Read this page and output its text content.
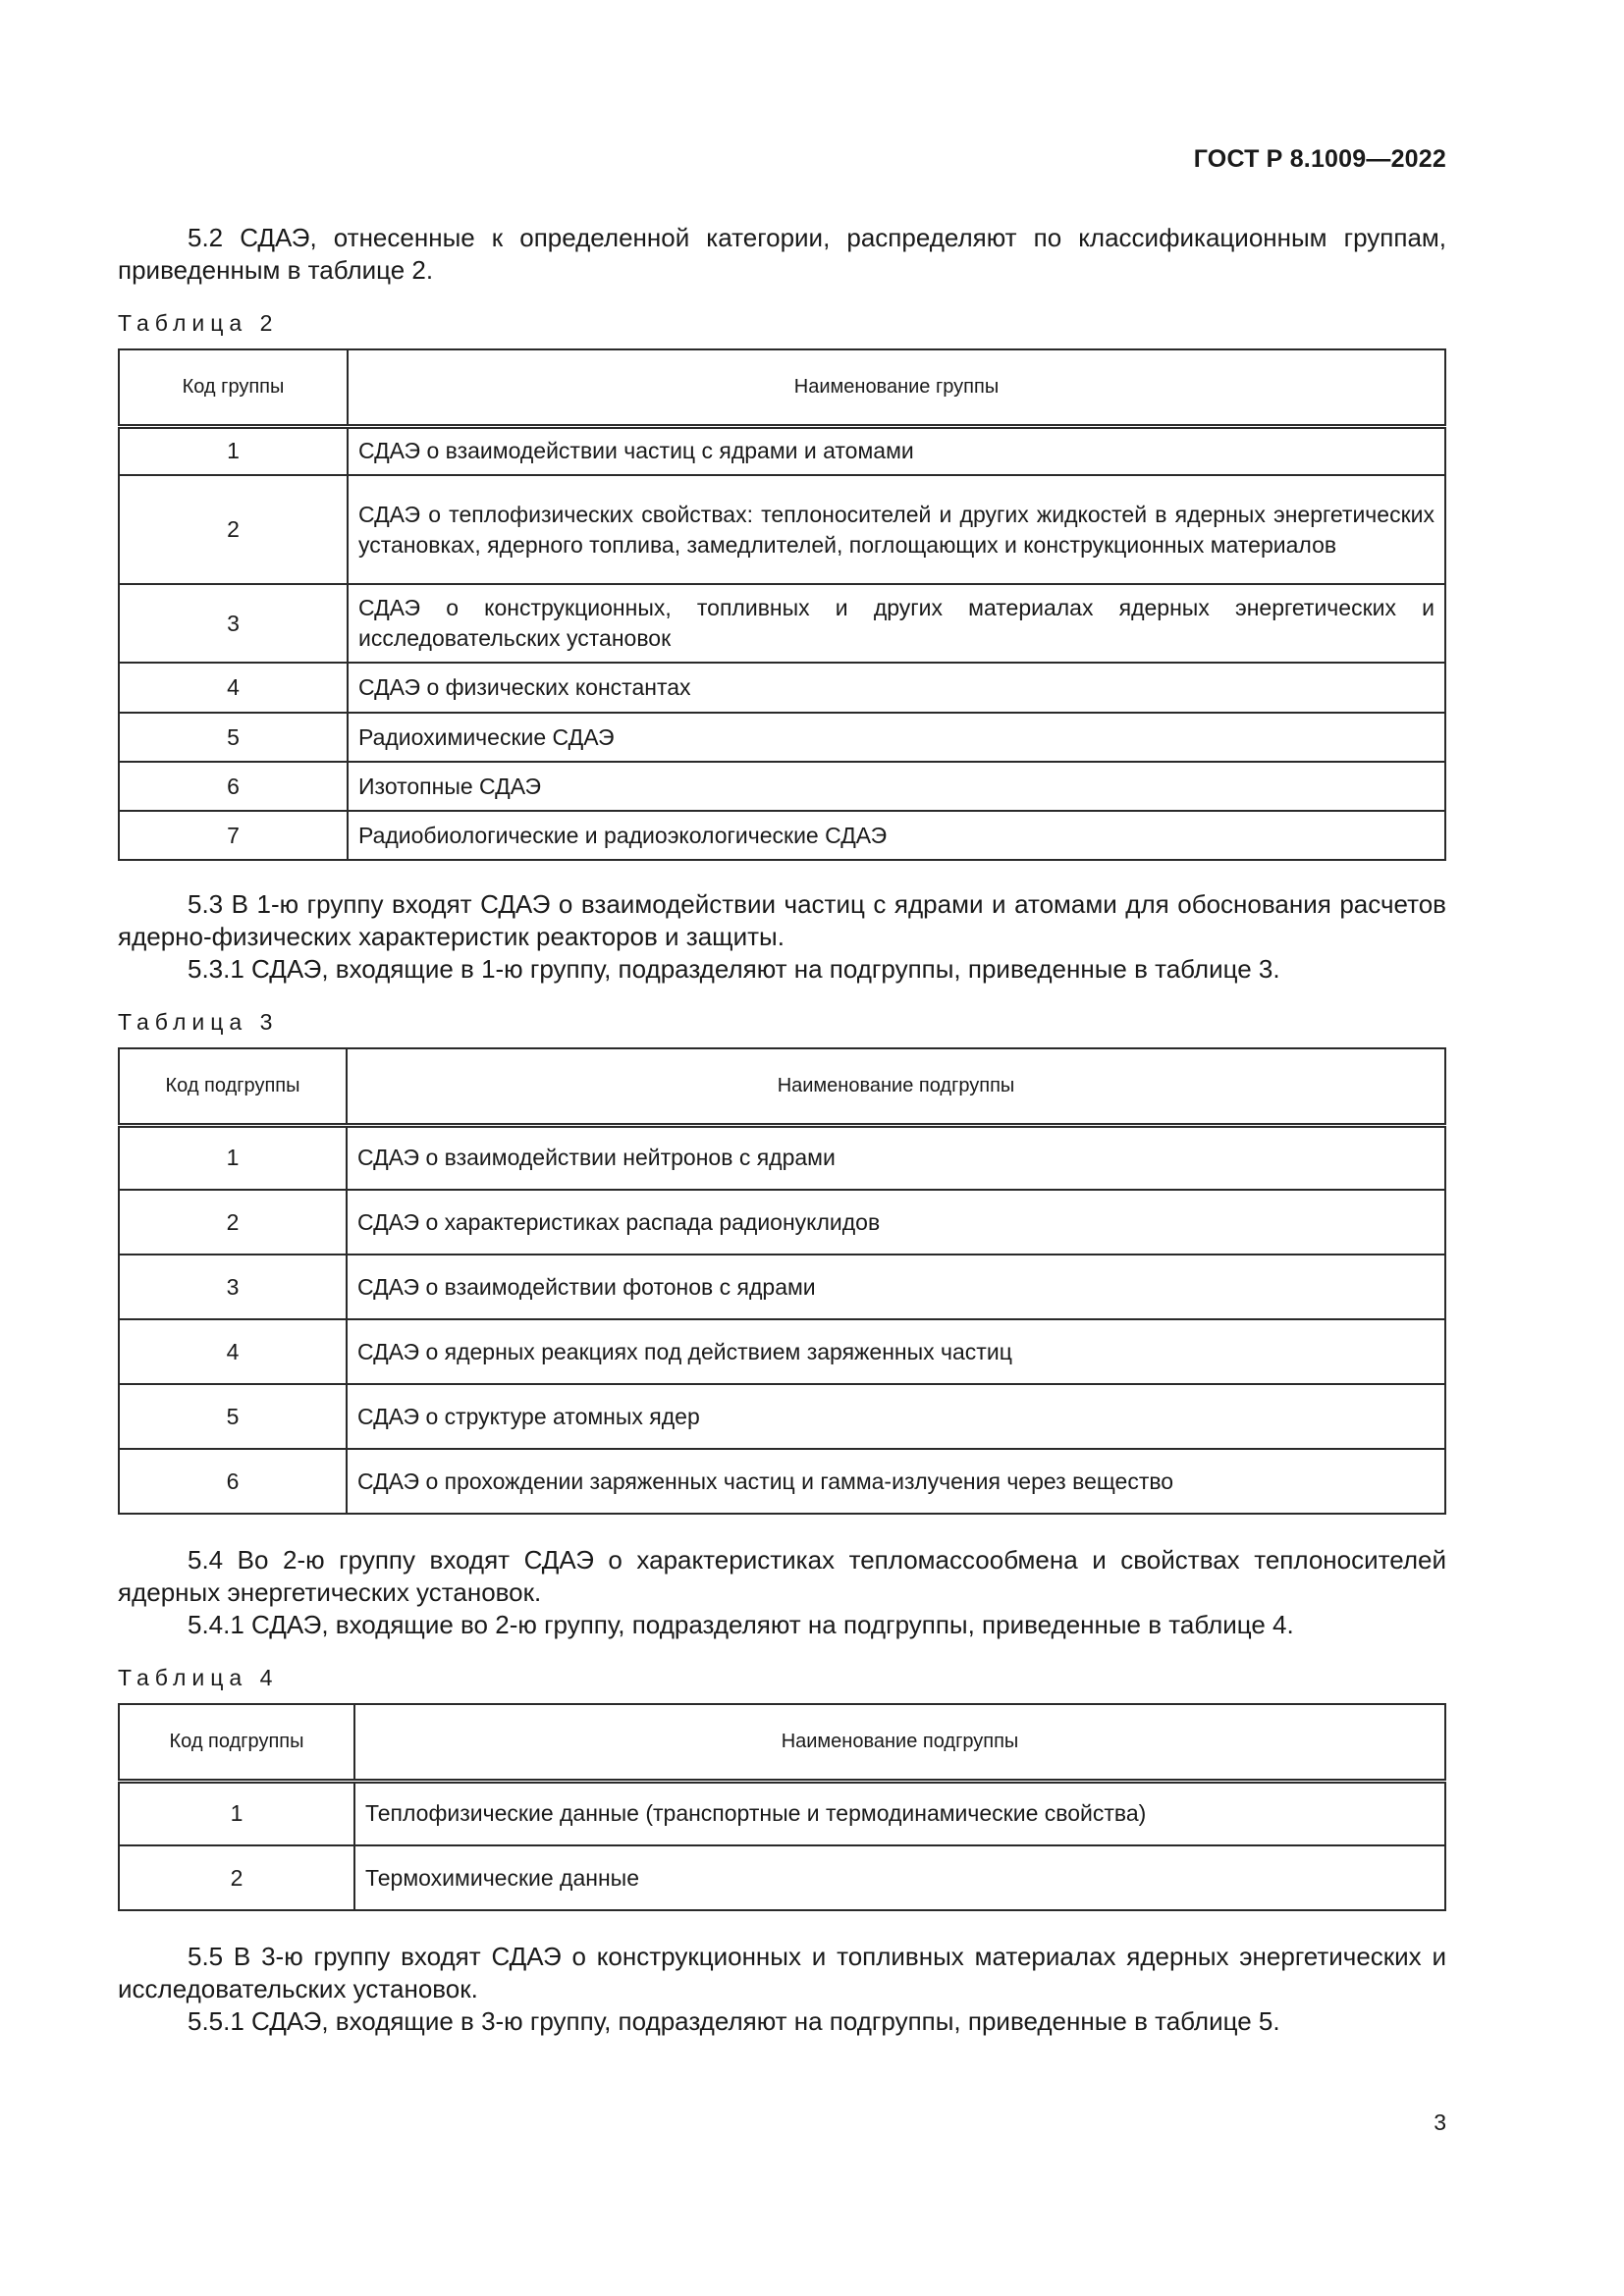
ГОСТ Р 8.1009—2022

5.2 СДАЭ, отнесенные к определенной категории, распределяют по классификационным группам, приведенным в таблице 2.

Таблица 2
Код группы	Наименование группы
1	СДАЭ о взаимодействии частиц с ядрами и атомами
2	СДАЭ о теплофизических свойствах: теплоносителей и других жидкостей в ядерных энергетических установках, ядерного топлива, замедлителей, поглощающих и конструкционных материалов
3	СДАЭ о конструкционных, топливных и других материалах ядерных энергетических и исследовательских установок
4	СДАЭ о физических константах
5	Радиохимические СДАЭ
6	Изотопные СДАЭ
7	Радиобиологические и радиоэкологические СДАЭ

5.3 В 1-ю группу входят СДАЭ о взаимодействии частиц с ядрами и атомами для обоснования расчетов ядерно-физических характеристик реакторов и защиты.

5.3.1 СДАЭ, входящие в 1-ю группу, подразделяют на подгруппы, приведенные в таблице 3.

Таблица 3
Код подгруппы	Наименование подгруппы
1	СДАЭ о взаимодействии нейтронов с ядрами
2	СДАЭ о характеристиках распада радионуклидов
3	СДАЭ о взаимодействии фотонов с ядрами
4	СДАЭ о ядерных реакциях под действием заряженных частиц
5	СДАЭ о структуре атомных ядер
6	СДАЭ о прохождении заряженных частиц и гамма-излучения через вещество

5.4 Во 2-ю группу входят СДАЭ о характеристиках тепломассообмена и свойствах теплоносителей ядерных энергетических установок.

5.4.1 СДАЭ, входящие во 2-ю группу, подразделяют на подгруппы, приведенные в таблице 4.

Таблица 4
Код подгруппы	Наименование подгруппы
1	Теплофизические данные (транспортные и термодинамические свойства)
2	Термохимические данные

5.5 В 3-ю группу входят СДАЭ о конструкционных и топливных материалах ядерных энергетических и исследовательских установок.

5.5.1 СДАЭ, входящие в 3-ю группу, подразделяют на подгруппы, приведенные в таблице 5.

3
